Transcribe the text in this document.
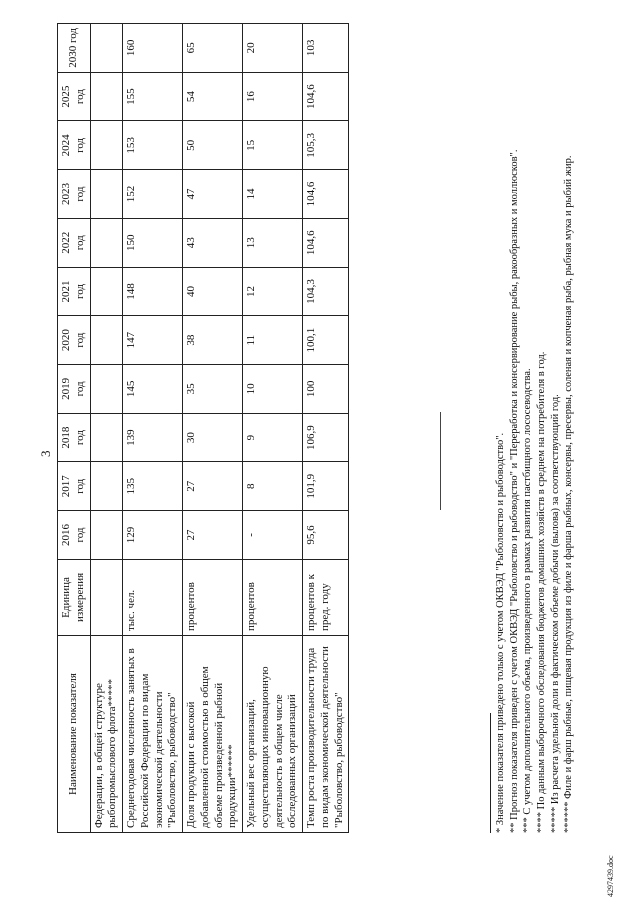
3
Наименование показателя	Единица измерения	2016 год	2017 год	2018 год	2019 год	2020 год	2021 год	2022 год	2023 год	2024 год	2025 год	2030 год
Федерации, в общей структуре рыбопромыслового флота*****												
Среднегодовая численность занятых в Российской Федерации по видам экономической деятельности "Рыболовство, рыбоводство"	тыс. чел.	129	135	139	145	147	148	150	152	153	155	160
Доля продукции с высокой добавленной стоимостью в общем объеме произведенной рыбной продукции******	процентов	27	27	30	35	38	40	43	47	50	54	65
Удельный вес организаций, осуществляющих инновационную деятельность в общем числе обследованных организаций	процентов	-	8	9	10	11	12	13	14	15	16	20
Темп роста производительности труда по видам экономической деятельности "Рыболовство, рыбоводство"	процентов к пред. году	95,6	101,9	106,9	100	100,1	104,3	104,6	104,6	105,3	104,6	103
* Значение показателя приведено только с учетом ОКВЭД "Рыболовство и рыбоводство". ** Прогноз показателя приведен с учетом ОКВЭД "Рыболовство и рыбоводство" и "Переработка и консервирование рыбы, ракообразных и моллюсков". *** С учетом дополнительного объема, произведенного в рамках развития пастбищного лососеводства. **** По данным выборочного обследования бюджетов домашних хозяйств в среднем на потребителя в год. ***** Из расчета удельной доли в фактическом объеме добычи (вылова) за соответствующий год. ****** Филе и фарш рыбные, пищевая продукция из филе и фарша рыбных, консервы, пресервы, соленая и копченая рыба, рыбная мука и рыбий жир.
4297439.doc
